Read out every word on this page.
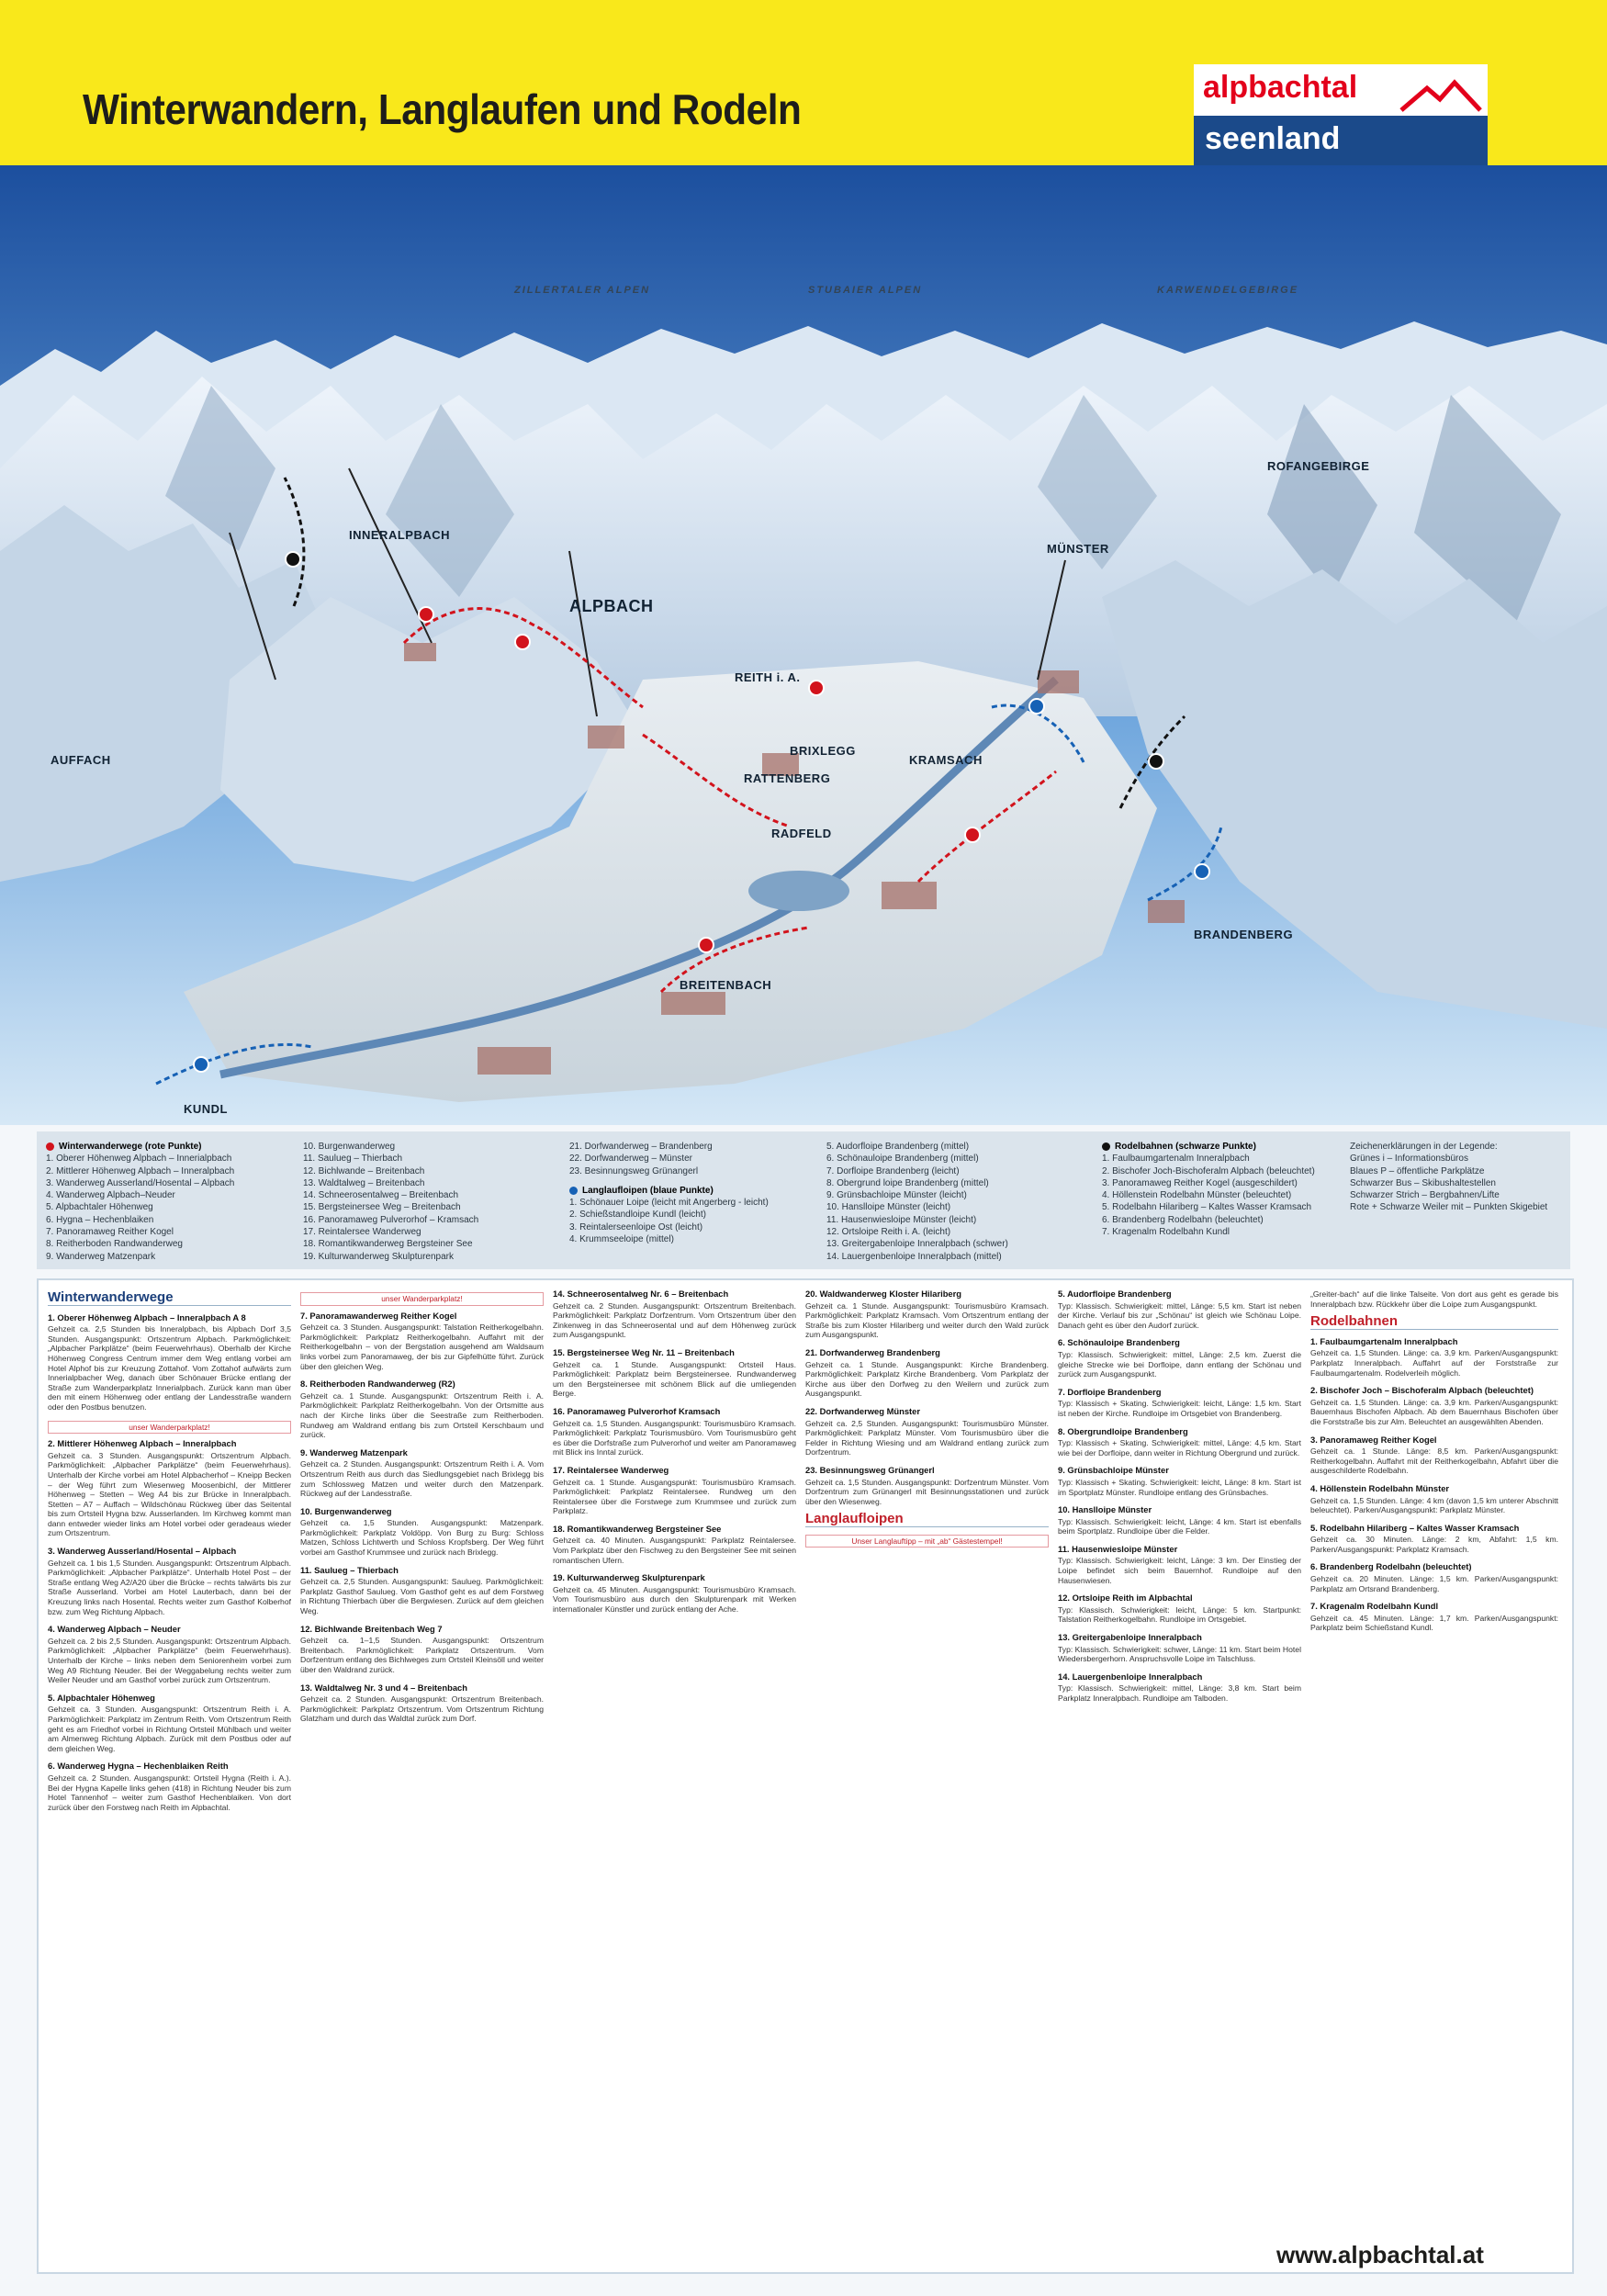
Winterwandern, Langlaufen und Rodeln	alpbachtal
seenland
ZILLERTALER ALPEN	STUBAIER ALPEN	KARWENDELGEBIRGE
INNERALPBACH
ALPBACH
REITH i. A.
BRIXLEGG
RATTENBERG
KRAMSACH
MÜNSTER
BRANDENBERG
RADFELD
BREITENBACH
KUNDL
AUFFACH
ROFANGEBIRGE
Winterwanderwege (rote Punkte)
1. Oberer Höhenweg Alpbach – Innerialpbach
2. Mittlerer Höhenweg Alpbach – Inneralpbach
3. Wanderweg Ausserland/Hosental – Alpbach
4. Wanderweg Alpbach–Neuder
5. Alpbachtaler Höhenweg
6. Hygna – Hechenblaiken
7. Panoramaweg Reither Kogel
8. Reitherboden Randwanderweg
9. Wanderweg Matzenpark
10. Burgenwanderweg
11. Saulueg – Thierbach
12. Bichlwande – Breitenbach
13. Waldtalweg – Breitenbach
14. Schneerosentalweg – Breitenbach
15. Bergsteinersee Weg – Breitenbach
16. Panoramaweg Pulverorhof – Kramsach
17. Reintalersee Wanderweg
18. Romantikwanderweg Bergsteiner See
19. Kulturwanderweg Skulpturenpark
21. Dorfwanderweg – Brandenberg
22. Dorfwanderweg – Münster
23. Besinnungsweg Grünangerl
Langlaufloipen (blaue Punkte)
1. Schönauer Loipe (leicht mit Angerberg - leicht)
2. Schießstandloipe Kundl (leicht)
3. Reintalerseenloipe Ost (leicht)
4. Krummseeloipe (mittel)
5. Audorfloipe Brandenberg (mittel)
6. Schönauloipe Brandenberg (mittel)
7. Dorfloipe Brandenberg (leicht)
8. Obergrund loipe Brandenberg (mittel)
9. Grünsbachloipe Münster (leicht)
10. Hanslloipe Münster (leicht)
11. Hausenwiesloipe Münster (leicht)
12. Ortsloipe Reith i. A. (leicht)
13. Greitergabenloipe Inneralpbach (schwer)
14. Lauergenbenloipe Inneralpbach (mittel)
Rodelbahnen (schwarze Punkte)
1. Faulbaumgartenalm Inneralpbach
2. Bischofer Joch-Bischoferalm Alpbach (beleuchtet)
3. Panoramaweg Reither Kogel (ausgeschildert)
4. Höllenstein Rodelbahn Münster (beleuchtet)
5. Rodelbahn Hilariberg – Kaltes Wasser Kramsach
6. Brandenberg Rodelbahn (beleuchtet)
7. Kragenalm Rodelbahn Kundl
Zeichenerklärungen in der Legende:
Grünes i – Informationsbüros
Blaues P – öffentliche Parkplätze
Schwarzer Bus – Skibushaltestellen
Schwarzer Strich – Bergbahnen/Lifte
Rote + Schwarze Weiler mit – Punkten Skigebiet
Winterwanderwege
1. Oberer Höhenweg Alpbach – Inneralpbach A 8
Gehzeit ca. 2,5 Stunden bis Inneralpbach, bis Alpbach Dorf 3,5 Stunden. Ausgangspunkt: Ortszentrum Alpbach. Parkmöglichkeit: „Alpbacher Parkplätze“ (beim Feuerwehrhaus). Oberhalb der Kirche Höhenweg Congress Centrum immer dem Weg entlang vorbei am Hotel Alphof bis zur Kreuzung Zottahof. Vom Zottahof aufwärts zum Innerialpbacher Weg, danach über Schönauer Brücke entlang der Straße zum Wanderparkplatz Innerialpbach. Zurück kann man über den mit einem Höhenweg oder entlang der Landesstraße wandern oder den Postbus benutzen.
unser Wanderparkplatz!
2. Mittlerer Höhenweg Alpbach – Inneralpbach
Gehzeit ca. 3 Stunden. Ausgangspunkt: Ortszentrum Alpbach. Parkmöglichkeit: „Alpbacher Parkplätze“ (beim Feuerwehrhaus). Unterhalb der Kirche vorbei am Hotel Alpbacherhof – Kneipp Becken – der Weg führt zum Wiesenweg Moosenbichl, der Mittlerer Höhenweg – Stetten – Weg A4 bis zur Brücke in Inneralpbach. Stetten – A7 – Auffach – Wildschönau Rückweg über das Seitental bis zum Ortsteil Hygna bzw. Ausserlanden. Im Kirchweg kommt man dann entweder wieder links am Hotel vorbei oder geradeaus wieder zum Ortszentrum.
3. Wanderweg Ausserland/Hosental – Alpbach
Gehzeit ca. 1 bis 1,5 Stunden. Ausgangspunkt: Ortszentrum Alpbach. Parkmöglichkeit: „Alpbacher Parkplätze“. Unterhalb Hotel Post – der Straße entlang Weg A2/A20 über die Brücke – rechts talwärts bis zur Straße Ausserland. Vorbei am Hotel Lauterbach, dann bei der Kreuzung links nach Hosental. Rechts weiter zum Gasthof Kolberhof bzw. zum Weg Richtung Alpbach.
4. Wanderweg Alpbach – Neuder
Gehzeit ca. 2 bis 2,5 Stunden. Ausgangspunkt: Ortszentrum Alpbach. Parkmöglichkeit: „Alpbacher Parkplätze“ (beim Feuerwehrhaus). Unterhalb der Kirche – links neben dem Seniorenheim vorbei zum Weg A9 Richtung Neuder. Bei der Weggabelung rechts weiter zum Weiler Neuder und am Gasthof vorbei zurück zum Ortszentrum.
5. Alpbachtaler Höhenweg
Gehzeit ca. 3 Stunden. Ausgangspunkt: Ortszentrum Reith i. A. Parkmöglichkeit: Parkplatz im Zentrum Reith. Vom Ortszentrum Reith geht es am Friedhof vorbei in Richtung Ortsteil Mühlbach und weiter am Almenweg Richtung Alpbach. Zurück mit dem Postbus oder auf dem gleichen Weg.
6. Wanderweg Hygna – Hechenblaiken Reith
Gehzeit ca. 2 Stunden. Ausgangspunkt: Ortsteil Hygna (Reith i. A.). Bei der Hygna Kapelle links gehen (418) in Richtung Neuder bis zum Hotel Tannenhof – weiter zum Gasthof Hechenblaiken. Von dort zurück über den Forstweg nach Reith im Alpbachtal.
unser Wanderparkplatz!
7. Panoramawanderweg Reither Kogel
Gehzeit ca. 3 Stunden. Ausgangspunkt: Talstation Reitherkogelbahn. Parkmöglichkeit: Parkplatz Reitherkogelbahn. Auffahrt mit der Reitherkogelbahn – von der Bergstation ausgehend am Waldsaum links vorbei zum Panoramaweg, der bis zur Gipfelhütte führt. Zurück über den gleichen Weg.
8. Reitherboden Randwanderweg (R2)
Gehzeit ca. 1 Stunde. Ausgangspunkt: Ortszentrum Reith i. A. Parkmöglichkeit: Parkplatz Reitherkogelbahn. Von der Ortsmitte aus nach der Kirche links über die Seestraße zum Reitherboden. Rundweg am Waldrand entlang bis zum Ortsteil Kerschbaum und zurück.
9. Wanderweg Matzenpark
Gehzeit ca. 2 Stunden. Ausgangspunkt: Ortszentrum Reith i. A. Vom Ortszentrum Reith aus durch das Siedlungsgebiet nach Brixlegg bis zum Schlossweg Matzen und weiter durch den Matzenpark. Rückweg auf der Landesstraße.
10. Burgenwanderweg
Gehzeit ca. 1,5 Stunden. Ausgangspunkt: Matzenpark. Parkmöglichkeit: Parkplatz Voldöpp. Von Burg zu Burg: Schloss Matzen, Schloss Lichtwerth und Schloss Kropfsberg. Der Weg führt vorbei am Gasthof Krummsee und zurück nach Brixlegg.
11. Saulueg – Thierbach
Gehzeit ca. 2,5 Stunden. Ausgangspunkt: Saulueg. Parkmöglichkeit: Parkplatz Gasthof Saulueg. Vom Gasthof geht es auf dem Forstweg in Richtung Thierbach über die Bergwiesen. Zurück auf dem gleichen Weg.
12. Bichlwande Breitenbach Weg 7
Gehzeit ca. 1–1,5 Stunden. Ausgangspunkt: Ortszentrum Breitenbach. Parkmöglichkeit: Parkplatz Ortszentrum. Vom Dorfzentrum entlang des Bichlweges zum Ortsteil Kleinsöll und weiter über den Waldrand zurück.
13. Waldtalweg Nr. 3 und 4 – Breitenbach
Gehzeit ca. 2 Stunden. Ausgangspunkt: Ortszentrum Breitenbach. Parkmöglichkeit: Parkplatz Ortszentrum. Vom Ortszentrum Richtung Glatzham und durch das Waldtal zurück zum Dorf.
14. Schneerosentalweg Nr. 6 – Breitenbach
Gehzeit ca. 2 Stunden. Ausgangspunkt: Ortszentrum Breitenbach. Parkmöglichkeit: Parkplatz Dorfzentrum. Vom Ortszentrum über den Zinkenweg in das Schneerosental und auf dem Höhenweg zurück zum Ausgangspunkt.
15. Bergsteinersee Weg Nr. 11 – Breitenbach
Gehzeit ca. 1 Stunde. Ausgangspunkt: Ortsteil Haus. Parkmöglichkeit: Parkplatz beim Bergsteinersee. Rundwanderweg um den Bergsteinersee mit schönem Blick auf die umliegenden Berge.
16. Panoramaweg Pulverorhof Kramsach
Gehzeit ca. 1,5 Stunden. Ausgangspunkt: Tourismusbüro Kramsach. Parkmöglichkeit: Parkplatz Tourismusbüro. Vom Tourismusbüro geht es über die Dorfstraße zum Pulverorhof und weiter am Panoramaweg mit Blick ins Inntal zurück.
17. Reintalersee Wanderweg
Gehzeit ca. 1 Stunde. Ausgangspunkt: Tourismusbüro Kramsach. Parkmöglichkeit: Parkplatz Reintalersee. Rundweg um den Reintalersee über die Forstwege zum Krummsee und zurück zum Parkplatz.
18. Romantikwanderweg Bergsteiner See
Gehzeit ca. 40 Minuten. Ausgangspunkt: Parkplatz Reintalersee. Vom Parkplatz über den Fischweg zu den Bergsteiner See mit seinen romantischen Ufern.
19. Kulturwanderweg Skulpturenpark
Gehzeit ca. 45 Minuten. Ausgangspunkt: Tourismusbüro Kramsach. Vom Tourismusbüro aus durch den Skulpturenpark mit Werken internationaler Künstler und zurück entlang der Ache.
20. Waldwanderweg Kloster Hilariberg
Gehzeit ca. 1 Stunde. Ausgangspunkt: Tourismusbüro Kramsach. Parkmöglichkeit: Parkplatz Kramsach. Vom Ortszentrum entlang der Straße bis zum Kloster Hilariberg und weiter durch den Wald zurück zum Ausgangspunkt.
21. Dorfwanderweg Brandenberg
Gehzeit ca. 1 Stunde. Ausgangspunkt: Kirche Brandenberg. Parkmöglichkeit: Parkplatz Kirche Brandenberg. Vom Parkplatz der Kirche aus über den Dorfweg zu den Weilern und zurück zum Ausgangspunkt.
22. Dorfwanderweg Münster
Gehzeit ca. 2,5 Stunden. Ausgangspunkt: Tourismusbüro Münster. Parkmöglichkeit: Parkplatz Münster. Vom Tourismusbüro über die Felder in Richtung Wiesing und am Waldrand entlang zurück zum Dorfzentrum.
23. Besinnungsweg Grünangerl
Gehzeit ca. 1,5 Stunden. Ausgangspunkt: Dorfzentrum Münster. Vom Dorfzentrum zum Grünangerl mit Besinnungsstationen und zurück über den Wiesenweg.
Langlaufloipen
Unser Langlauftipp – mit „ab“ Gästestempel!
5. Audorfloipe Brandenberg
Typ: Klassisch. Schwierigkeit: mittel, Länge: 5,5 km. Start ist neben der Kirche. Verlauf bis zur „Schönau“ ist gleich wie Schönau Loipe. Danach geht es über den Audorf zurück.
6. Schönauloipe Brandenberg
Typ: Klassisch. Schwierigkeit: mittel, Länge: 2,5 km. Zuerst die gleiche Strecke wie bei Dorfloipe, dann entlang der Schönau und zurück zum Ausgangspunkt.
7. Dorfloipe Brandenberg
Typ: Klassisch + Skating. Schwierigkeit: leicht, Länge: 1,5 km. Start ist neben der Kirche. Rundloipe im Ortsgebiet von Brandenberg.
8. Obergrundloipe Brandenberg
Typ: Klassisch + Skating. Schwierigkeit: mittel, Länge: 4,5 km. Start wie bei der Dorfloipe, dann weiter in Richtung Obergrund und zurück.
9. Grünsbachloipe Münster
Typ: Klassisch + Skating. Schwierigkeit: leicht, Länge: 8 km. Start ist im Sportplatz Münster. Rundloipe entlang des Grünsbaches.
10. Hanslloipe Münster
Typ: Klassisch. Schwierigkeit: leicht, Länge: 4 km. Start ist ebenfalls beim Sportplatz. Rundloipe über die Felder.
11. Hausenwiesloipe Münster
Typ: Klassisch. Schwierigkeit: leicht, Länge: 3 km. Der Einstieg der Loipe befindet sich beim Bauernhof. Rundloipe auf den Hausenwiesen.
12. Ortsloipe Reith im Alpbachtal
Typ: Klassisch. Schwierigkeit: leicht, Länge: 5 km. Startpunkt: Talstation Reitherkogelbahn. Rundloipe im Ortsgebiet.
13. Greitergabenloipe Inneralpbach
Typ: Klassisch. Schwierigkeit: schwer, Länge: 11 km. Start beim Hotel Wiedersbergerhorn. Anspruchsvolle Loipe im Talschluss.
14. Lauergenbenloipe Inneralpbach
Typ: Klassisch. Schwierigkeit: mittel, Länge: 3,8 km. Start beim Parkplatz Inneralpbach. Rundloipe am Talboden.
„Greiter-bach“ auf die linke Talseite. Von dort aus geht es gerade bis Inneralpbach bzw. Rückkehr über die Loipe zum Ausgangspunkt.
Rodelbahnen
1. Faulbaumgartenalm Inneralpbach
Gehzeit ca. 1,5 Stunden. Länge: ca. 3,9 km. Parken/Ausgangspunkt: Parkplatz Inneralpbach. Auffahrt auf der Forststraße zur Faulbaumgartenalm. Rodelverleih möglich.
2. Bischofer Joch – Bischoferalm Alpbach (beleuchtet)
Gehzeit ca. 1,5 Stunden. Länge: ca. 3,9 km. Parken/Ausgangspunkt: Bauernhaus Bischofen Alpbach. Ab dem Bauernhaus Bischofen über die Forststraße bis zur Alm. Beleuchtet an ausgewählten Abenden.
3. Panoramaweg Reither Kogel
Gehzeit ca. 1 Stunde. Länge: 8,5 km. Parken/Ausgangspunkt: Reitherkogelbahn. Auffahrt mit der Reitherkogelbahn, Abfahrt über die ausgeschilderte Rodelbahn.
4. Höllenstein Rodelbahn Münster
Gehzeit ca. 1,5 Stunden. Länge: 4 km (davon 1,5 km unterer Abschnitt beleuchtet). Parken/Ausgangspunkt: Parkplatz Münster.
5. Rodelbahn Hilariberg – Kaltes Wasser Kramsach
Gehzeit ca. 30 Minuten. Länge: 2 km, Abfahrt: 1,5 km. Parken/Ausgangspunkt: Parkplatz Kramsach.
6. Brandenberg Rodelbahn (beleuchtet)
Gehzeit ca. 20 Minuten. Länge: 1,5 km. Parken/Ausgangspunkt: Parkplatz am Ortsrand Brandenberg.
7. Kragenalm Rodelbahn Kundl
Gehzeit ca. 45 Minuten. Länge: 1,7 km. Parken/Ausgangspunkt: Parkplatz beim Schießstand Kundl.
www.alpbachtal.at
